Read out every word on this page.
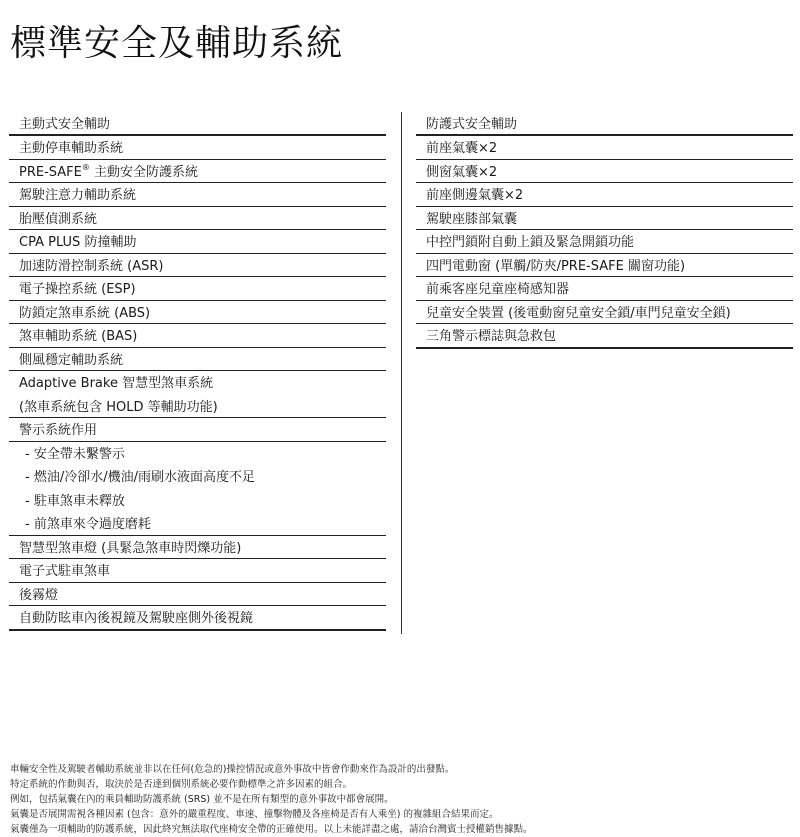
標準安全及輔助系統
主動式安全輔助
主動停車輔助系統
PRE-SAFE® 主動安全防護系統
駕駛注意力輔助系統
胎壓偵測系統
CPA PLUS 防撞輔助
加速防滑控制系統 (ASR)
電子操控系統 (ESP)
防鎖定煞車系統 (ABS)
煞車輔助系統 (BAS)
側風穩定輔助系統
Adaptive Brake 智慧型煞車系統
(煞車系統包含 HOLD 等輔助功能)
警示系統作用
- 安全帶未繫警示
- 燃油/冷卻水/機油/雨刷水液面高度不足
- 駐車煞車未釋放
- 前煞車來令過度磨耗
智慧型煞車燈 (具緊急煞車時閃爍功能)
電子式駐車煞車
後霧燈
自動防眩車內後視鏡及駕駛座側外後視鏡
防護式安全輔助
前座氣囊×2
側窗氣囊×2
前座側邊氣囊×2
駕駛座膝部氣囊
中控門鎖附自動上鎖及緊急開鎖功能
四門電動窗 (單觸/防夾/PRE-SAFE 關窗功能)
前乘客座兒童座椅感知器
兒童安全裝置 (後電動窗兒童安全鎖/車門兒童安全鎖)
三角警示標誌與急救包
車輛安全性及駕駛者輔助系統並非以在任何(危急的)操控情況或意外事故中皆會作動來作為設計的出發點。
特定系統的作動與否，取決於是否達到個別系統必要作動標準之許多因素的組合。
例如，包括氣囊在內的乘員輔助防護系統 (SRS) 並不是在所有類型的意外事故中都會展開。
氣囊是否展開需視各種因素 (包含：意外的嚴重程度、車速、撞擊物體及各座椅是否有人乘坐) 的複雜組合結果而定。
氣囊僅為一項輔助的防護系統，因此終究無法取代座椅安全帶的正確使用。以上未能詳盡之處，請洽台灣賓士授權銷售據點。
